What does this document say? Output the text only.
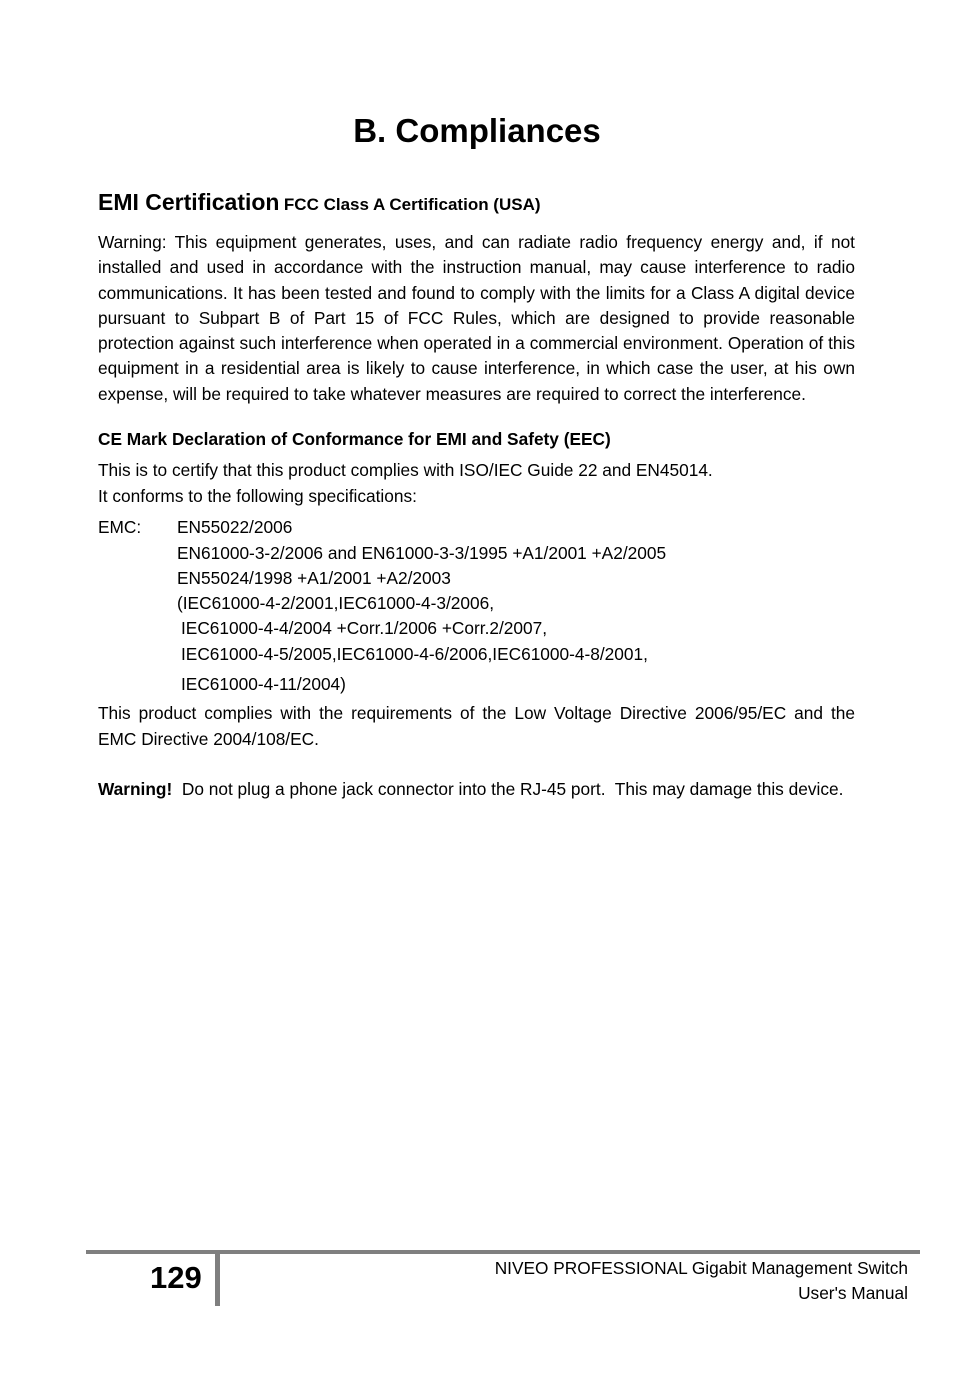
B. Compliances

EMI Certification FCC Class A Certification (USA)

Warning: This equipment generates, uses, and can radiate radio frequency energy and, if not installed and used in accordance with the instruction manual, may cause interference to radio communications. It has been tested and found to comply with the limits for a Class A digital device pursuant to Subpart B of Part 15 of FCC Rules, which are designed to provide reasonable protection against such interference when operated in a commercial environment. Operation of this equipment in a residential area is likely to cause interference, in which case the user, at his own expense, will be required to take whatever measures are required to correct the interference.

CE Mark Declaration of Conformance for EMI and Safety (EEC)

This is to certify that this product complies with ISO/IEC Guide 22 and EN45014.
It conforms to the following specifications:

EMC:	EN55022/2006
EN61000-3-2/2006 and EN61000-3-3/1995 +A1/2001 +A2/2005
EN55024/1998 +A1/2001 +A2/2003
(IEC61000-4-2/2001,IEC61000-4-3/2006,
IEC61000-4-4/2004 +Corr.1/2006 +Corr.2/2007,
IEC61000-4-5/2005,IEC61000-4-6/2006,IEC61000-4-8/2001,
IEC61000-4-11/2004)

This product complies with the requirements of the Low Voltage Directive 2006/95/EC and the EMC Directive 2004/108/EC.

Warning!  Do not plug a phone jack connector into the RJ-45 port.  This may damage this device.

129	NIVEO PROFESSIONAL Gigabit Management Switch
User's Manual
